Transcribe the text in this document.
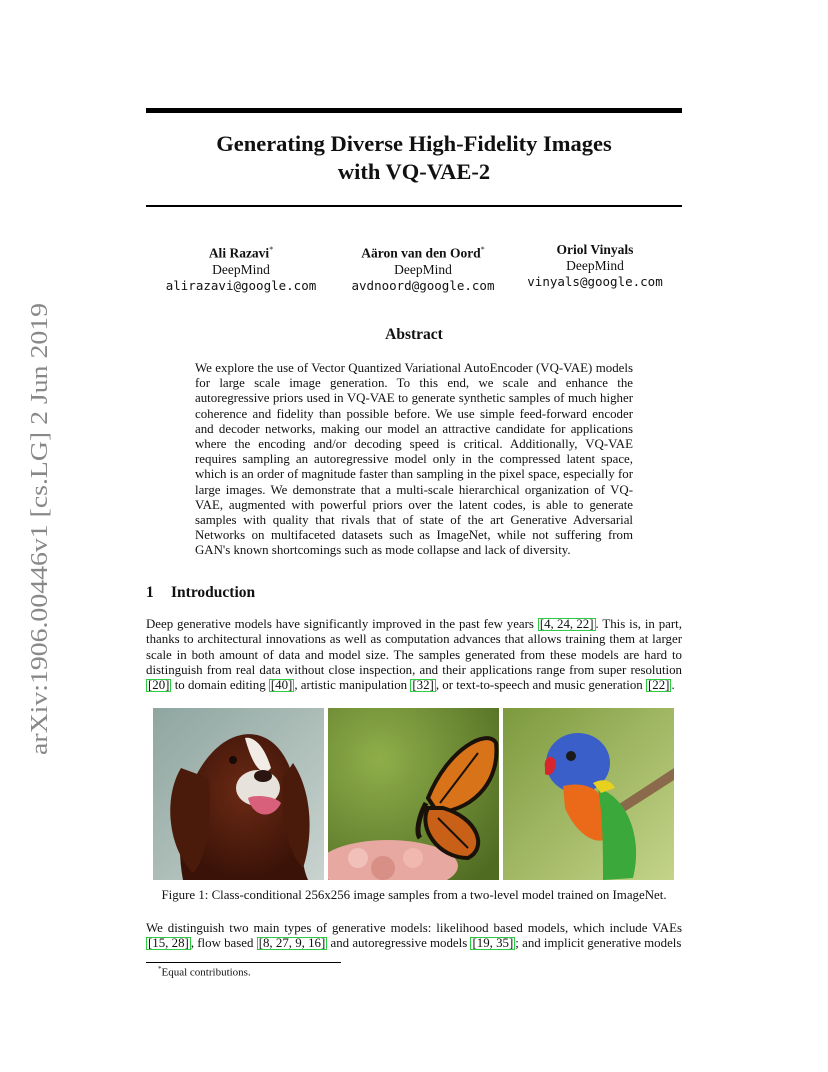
arXiv:1906.00446v1 [cs.LG] 2 Jun 2019
Generating Diverse High-Fidelity Images
with VQ-VAE-2
Ali Razavi*
DeepMind
alirazavi@google.com
Aäron van den Oord*
DeepMind
avdnoord@google.com
Oriol Vinyals
DeepMind
vinyals@google.com
Abstract
We explore the use of Vector Quantized Variational AutoEncoder (VQ-VAE) models for large scale image generation. To this end, we scale and enhance the autoregressive priors used in VQ-VAE to generate synthetic samples of much higher coherence and fidelity than possible before. We use simple feed-forward encoder and decoder networks, making our model an attractive candidate for applications where the encoding and/or decoding speed is critical. Additionally, VQ-VAE requires sampling an autoregressive model only in the compressed latent space, which is an order of magnitude faster than sampling in the pixel space, especially for large images. We demonstrate that a multi-scale hierarchical organization of VQ-VAE, augmented with powerful priors over the latent codes, is able to generate samples with quality that rivals that of state of the art Generative Adversarial Networks on multifaceted datasets such as ImageNet, while not suffering from GAN's known shortcomings such as mode collapse and lack of diversity.
1 Introduction
Deep generative models have significantly improved in the past few years [4, 24, 22] . This is, in part, thanks to architectural innovations as well as computation advances that allows training them at larger scale in both amount of data and model size. The samples generated from these models are hard to distinguish from real data without close inspection, and their applications range from super resolution [20] to domain editing [40] , artistic manipulation [32] , or text-to-speech and music generation [22] .
Figure 1: Class-conditional 256x256 image samples from a two-level model trained on ImageNet.
We distinguish two main types of generative models: likelihood based models, which include VAEs [15, 28] , flow based [8, 27, 9, 16] and autoregressive models [19, 35] ; and implicit generative models
*Equal contributions.
